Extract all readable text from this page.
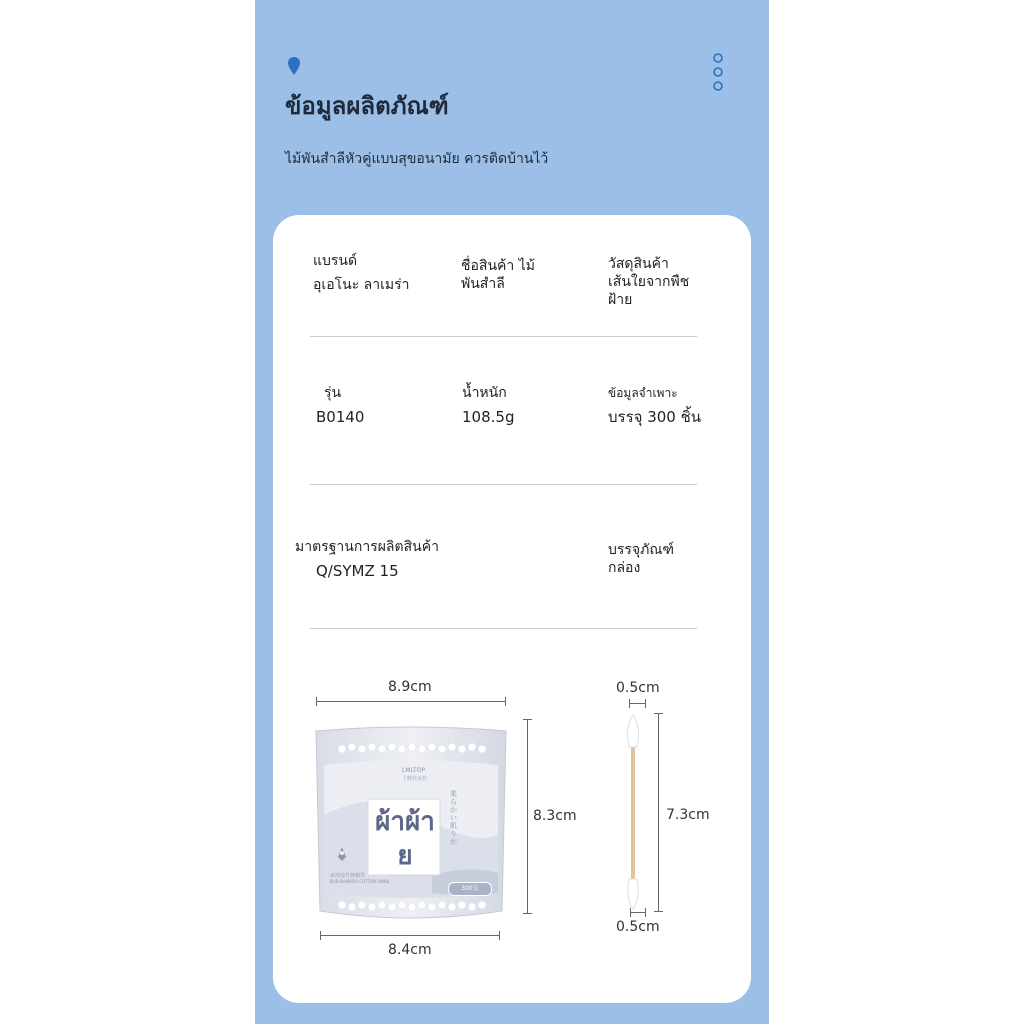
ข้อมูลผลิตภัณฑ์
ไม้พันสำลีหัวคู่แบบสุขอนามัย ควรติดบ้านไว้
แบรนด์
อุเอโนะ ลาเมร่า
ชื่อสินค้า ไม้พันสำลี
วัสดุสินค้า เส้นใยจากพืชฝ้าย
รุ่น
B0140
น้ำหนัก
108.5g
ข้อมูลจำเพาะ
บรรจุ 300 ชิ้น
มาตรฐานการผลิตสินค้า
Q/SYMZ 15
บรรจุภัณฑ์ กล่อง
8.9cm
8.3cm
8.4cm
LMLTOP
上野拉美拉
ผ้าผ้าย
柔らかい 肌りが
多用途竹棒棉签
BUD BAMBOO COTTON SWAB
300支
0.5cm
7.3cm
0.5cm
